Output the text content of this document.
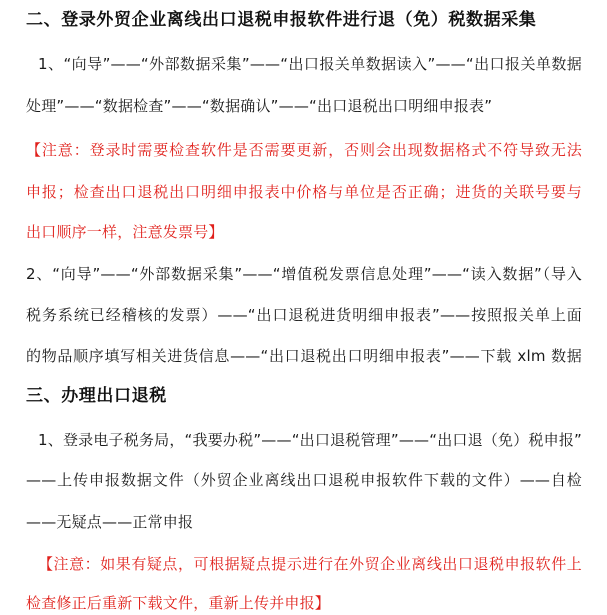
二、登录外贸企业离线出口退税申报软件进行退（免）税数据采集
1、“向导”——“外部数据采集”——“出口报关单数据读入”——“出口报关单数据
处理”——“数据检查”——“数据确认”——“出口退税出口明细申报表”
【注意：登录时需要检查软件是否需要更新，否则会出现数据格式不符导致无法
申报；检查出口退税出口明细申报表中价格与单位是否正确；进货的关联号要与
出口顺序一样，注意发票号】
2、“向导”——“外部数据采集”——“增值税发票信息处理”——“读入数据”（导入
税务系统已经稽核的发票）——“出口退税进货明细申报表”——按照报关单上面
的物品顺序填写相关进货信息——“出口退税出口明细申报表”——下载 xlm 数据
三、办理出口退税
1、登录电子税务局，“我要办税”——“出口退税管理”——“出口退（免）税申报”
——上传申报数据文件（外贸企业离线出口退税申报软件下载的文件）——自检
——无疑点——正常申报
【注意：如果有疑点，可根据疑点提示进行在外贸企业离线出口退税申报软件上
检查修正后重新下载文件，重新上传并申报】
